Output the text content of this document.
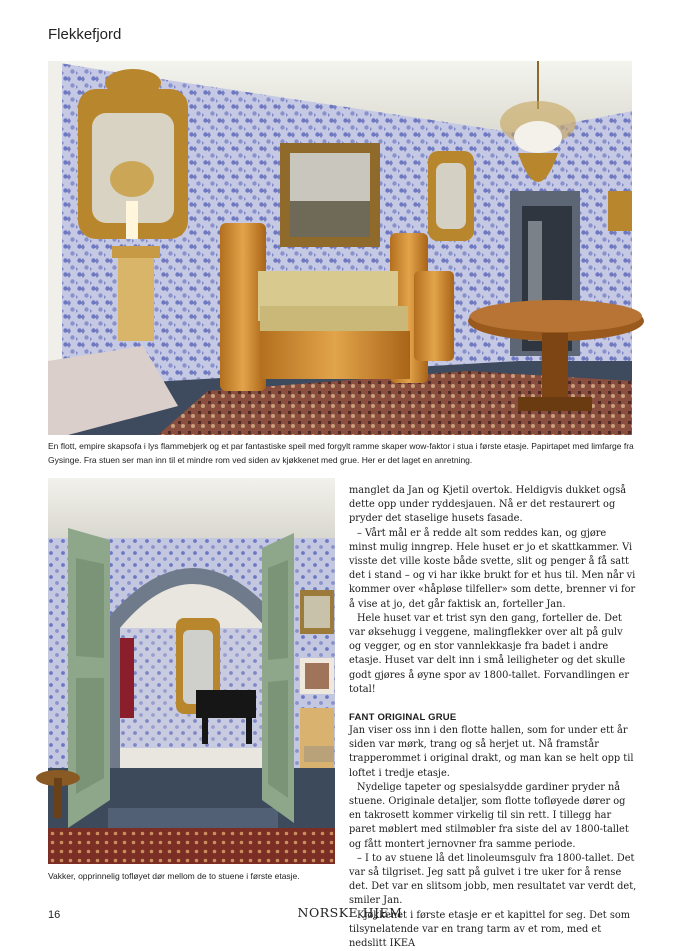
Flekkefjord
En flott, empire skapsofa i lys flammebjerk og et par fantastiske speil med forgylt ramme skaper wow-faktor i stua i første etasje. Papirtapet med limfarge fra Gysinge. Fra stuen ser man inn til et mindre rom ved siden av kjøkkenet med grue. Her er det laget en anretning.
Vakker, opprinnelig tofløyet dør mellom de to stuene i første etasje.

manglet da Jan og Kjetil overtok. Heldigvis dukket også dette opp under ryddesjauen. Nå er det restaurert og pryder det staselige husets fasade.

– Vårt mål er å redde alt som reddes kan, og gjøre minst mulig inngrep. Hele huset er jo et skattkammer. Vi visste det ville koste både svette, slit og penger å få satt det i stand – og vi har ikke brukt for et hus til. Men når vi kommer over «håpløse tilfeller» som dette, brenner vi for å vise at jo, det går faktisk an, forteller Jan.

Hele huset var et trist syn den gang, forteller de. Det var øksehugg i veggene, malingflekker over alt på gulv og vegger, og en stor vannlekkasje fra badet i andre etasje. Huset var delt inn i små leiligheter og det skulle godt gjøres å øyne spor av 1800-tallet. Forvandlingen er total!

FANT ORIGINAL GRUE

Jan viser oss inn i den flotte hallen, som for under ett år siden var mørk, trang og så herjet ut. Nå framstår trapperommet i original drakt, og man kan se helt opp til loftet i tredje etasje.

Nydelige tapeter og spesialsydde gardiner pryder nå stuene. Originale detaljer, som flotte tofløyede dører og en takrosett kommer virkelig til sin rett. I tillegg har paret møblert med stilmøbler fra siste del av 1800-tallet og fått montert jernovner fra samme periode.

– I to av stuene lå det linoleumsgulv fra 1800-tallet. Det var så tilgriset. Jeg satt på gulvet i tre uker for å rense det. Det var en slitsom jobb, men resultatet var verdt det, smiler Jan.

Kjøkkenet i første etasje er et kapittel for seg. Det som tilsynelatende var en trang tarm av et rom, med et nedslitt IKEA

16	NORSKE HJEM
